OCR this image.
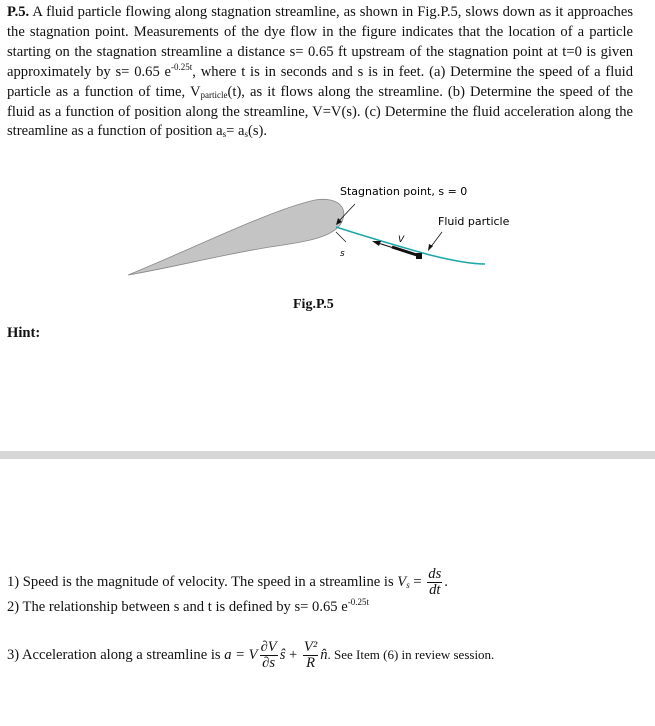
P.5. A fluid particle flowing along stagnation streamline, as shown in Fig.P.5, slows down as it approaches the stagnation point. Measurements of the dye flow in the figure indicates that the location of a particle starting on the stagnation streamline a distance s= 0.65 ft upstream of the stagnation point at t=0 is given approximately by s= 0.65 $e^{-0.25t}$, where t is in seconds and s is in feet. (a) Determine the speed of a fluid particle as a function of time, $V_{particle}(t)$, as it flows along the streamline. (b) Determine the speed of the fluid as a function of position along the streamline, V=V(s). (c) Determine the fluid acceleration along the streamline as a function of position $a_s= a_s(s)$.
Stagnation point, s = 0
Fluid particle
V
s
Fig.P.5
Hint:
1) Speed is the magnitude of velocity. The speed in a streamline is $V_s = \frac{ds}{dt}$ .
2) The relationship between s and t is defined by s= 0.65 $e^{-0.25t}$
3) Acceleration along a streamline is a = V $\frac{\partial V}{\partial s}$ ŝ + $\frac{\text{V²}}{R}$ n̂. See Item (6) in review session.
